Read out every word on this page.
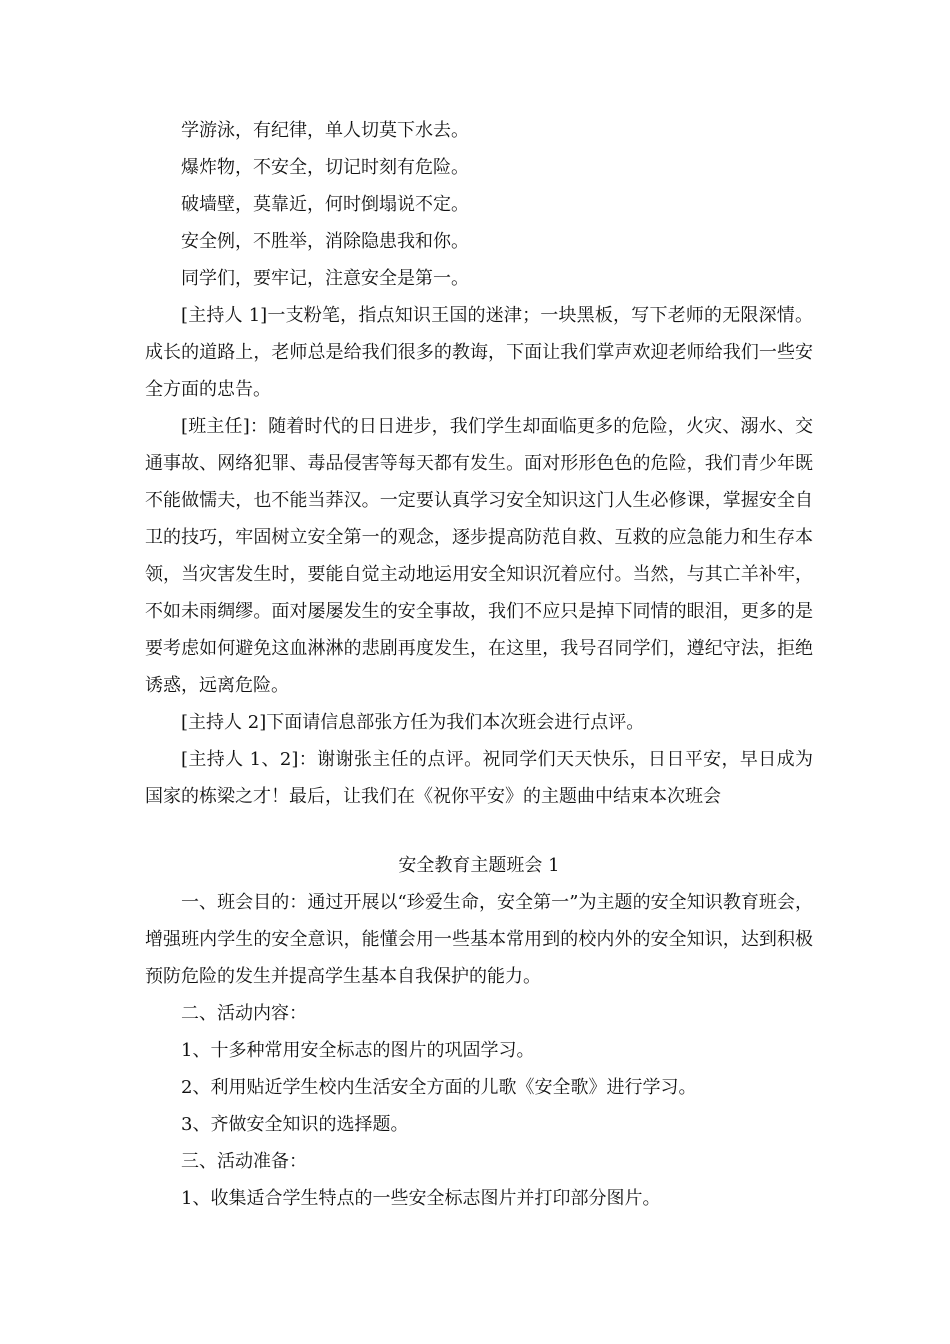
学游泳，有纪律，单人切莫下水去。

爆炸物，不安全，切记时刻有危险。

破墙壁，莫靠近，何时倒塌说不定。

安全例，不胜举，消除隐患我和你。

同学们，要牢记，注意安全是第一。

[主持人 1]一支粉笔，指点知识王国的迷津；一块黑板，写下老师的无限深情。成长的道路上，老师总是给我们很多的教诲，下面让我们掌声欢迎老师给我们一些安全方面的忠告。

[班主任]：随着时代的日日进步，我们学生却面临更多的危险，火灾、溺水、交通事故、网络犯罪、毒品侵害等每天都有发生。面对形形色色的危险，我们青少年既不能做懦夫，也不能当莽汉。一定要认真学习安全知识这门人生必修课，掌握安全自卫的技巧，牢固树立安全第一的观念，逐步提高防范自救、互救的应急能力和生存本领，当灾害发生时，要能自觉主动地运用安全知识沉着应付。当然，与其亡羊补牢，不如未雨绸缪。面对屡屡发生的安全事故，我们不应只是掉下同情的眼泪，更多的是要考虑如何避免这血淋淋的悲剧再度发生，在这里，我号召同学们，遵纪守法，拒绝诱惑，远离危险。

[主持人 2]下面请信息部张方任为我们本次班会进行点评。

[主持人 1、2]：谢谢张主任的点评。祝同学们天天快乐，日日平安，早日成为国家的栋梁之才！最后，让我们在《祝你平安》的主题曲中结束本次班会

安全教育主题班会 1

一、班会目的：通过开展以“珍爱生命，安全第一”为主题的安全知识教育班会，增强班内学生的安全意识，能懂会用一些基本常用到的校内外的安全知识，达到积极预防危险的发生并提高学生基本自我保护的能力。

二、活动内容：

1、十多种常用安全标志的图片的巩固学习。

2、利用贴近学生校内生活安全方面的儿歌《安全歌》进行学习。

3、齐做安全知识的选择题。

三、活动准备：

1、收集适合学生特点的一些安全标志图片并打印部分图片。
